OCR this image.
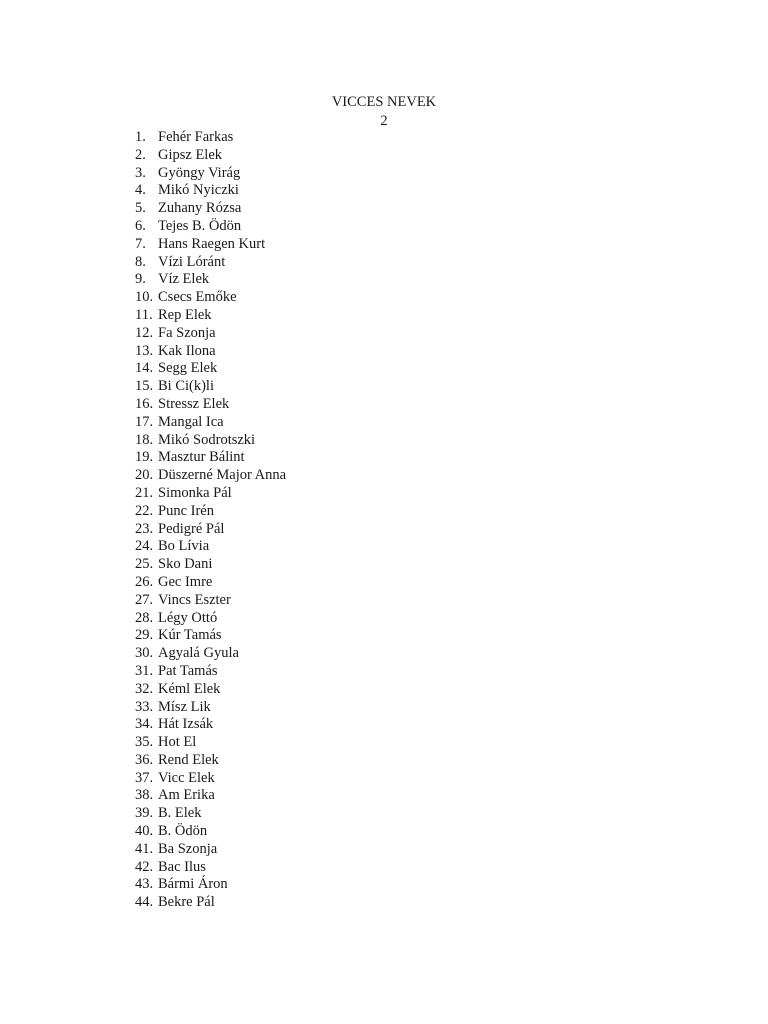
VICCES NEVEK
2
1. Fehér Farkas
2. Gipsz Elek
3. Gyöngy Virág
4. Mikó Nyiczki
5. Zuhany Rózsa
6. Tejes B. Ödön
7. Hans Raegen Kurt
8. Vízi Lóránt
9. Víz Elek
10. Csecs Emőke
11. Rep Elek
12. Fa Szonja
13. Kak Ilona
14. Segg Elek
15. Bi Ci(k)li
16. Stressz Elek
17. Mangal Ica
18. Mikó Sodrotszki
19. Masztur Bálint
20. Düszerné Major Anna
21. Simonka Pál
22. Punc Irén
23. Pedigré Pál
24. Bo Lívia
25. Sko Dani
26. Gec Imre
27. Vincs Eszter
28. Légy Ottó
29. Kúr Tamás
30. Agyalá Gyula
31. Pat Tamás
32. Kéml Elek
33. Mísz Lik
34. Hát Izsák
35. Hot El
36. Rend Elek
37. Vicc Elek
38. Am Erika
39. B. Elek
40. B. Ödön
41. Ba Szonja
42. Bac Ilus
43. Bármi Áron
44. Bekre Pál
